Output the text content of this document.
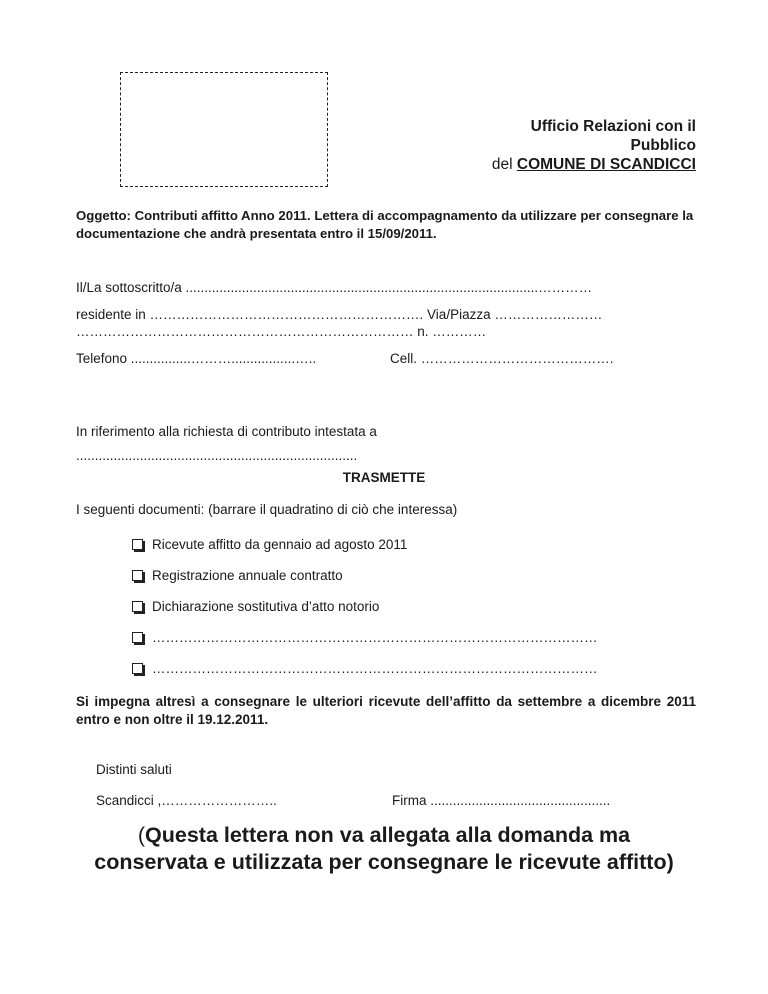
Ufficio Relazioni con il
Pubblico
del COMUNE DI SCANDICCI
Oggetto: Contributi affitto Anno 2011. Lettera di accompagnamento da utilizzare per consegnare la documentazione che andrà presentata entro il 15/09/2011.
Il/La sottoscritto/a ..............................................................................................…………
residente in ……………………………………………………. Via/Piazza ……………………
………………………………………………………………… n. …………
Telefono ................……….................…..	Cell. …………………………………….
In riferimento alla richiesta di contributo intestata a
...........................................................................
TRASMETTE
I seguenti documenti: (barrare il quadratino di ciò che interessa)
Ricevute affitto da gennaio ad agosto 2011
Registrazione annuale contratto
Dichiarazione sostitutiva d’atto notorio
………………………………………………………………………………………
………………………………………………………………………………………
Si impegna altresì a consegnare le ulteriori ricevute dell’affitto da settembre a dicembre 2011 entro e non oltre il 19.12.2011.
Distinti saluti
Scandicci ,……………………..	Firma ................................................
(Questa lettera non va allegata alla domanda ma conservata e utilizzata per consegnare le ricevute affitto)
